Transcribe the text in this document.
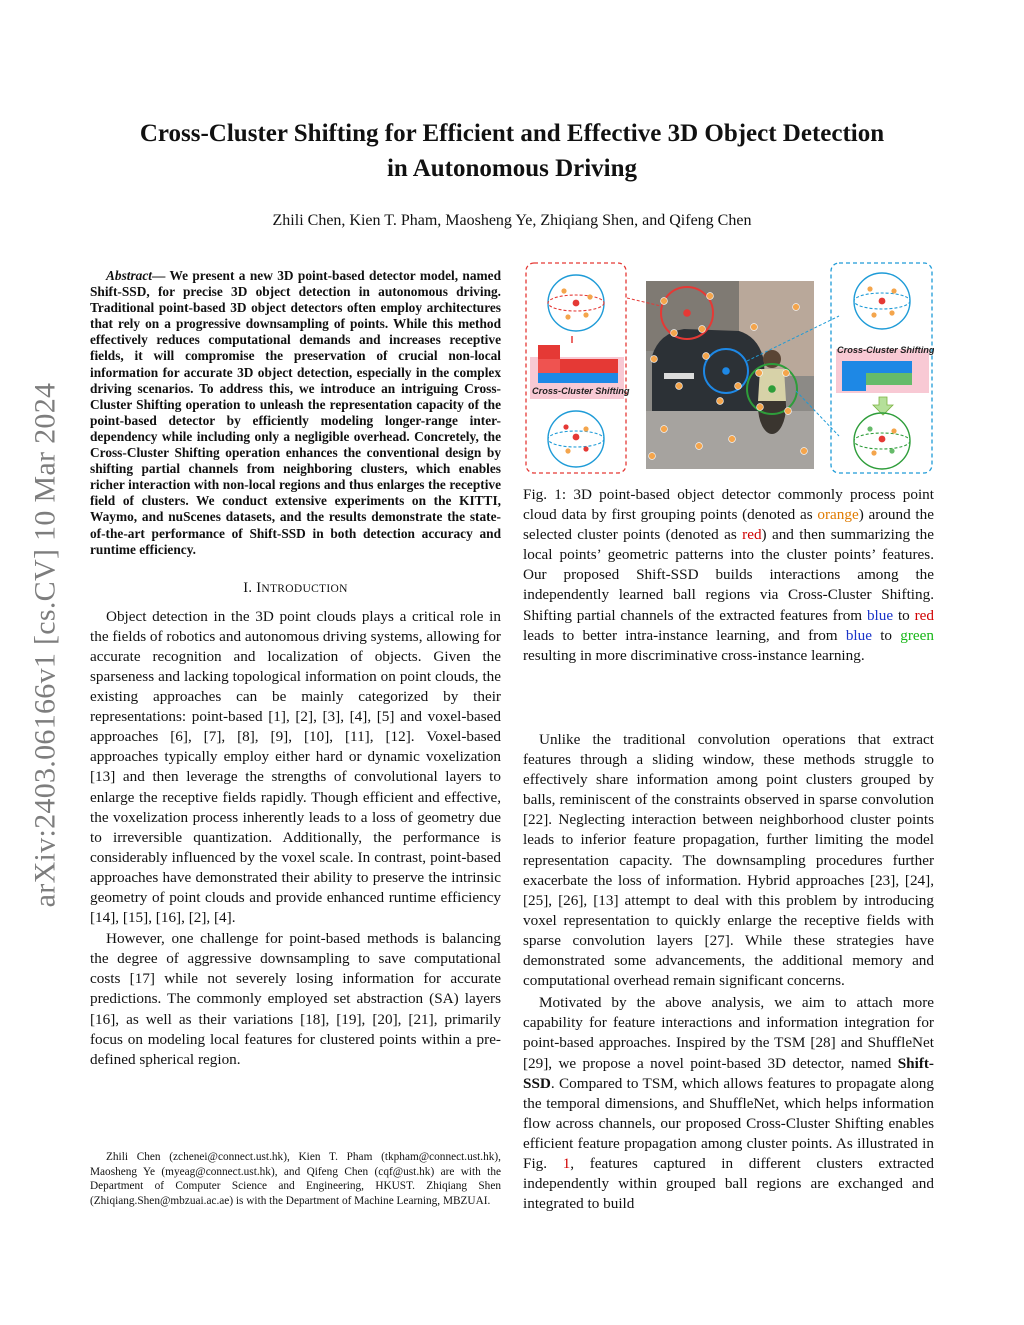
arXiv:2403.06166v1 [cs.CV] 10 Mar 2024
Cross-Cluster Shifting for Efficient and Effective 3D Object Detection
in Autonomous Driving
Zhili Chen, Kien T. Pham, Maosheng Ye, Zhiqiang Shen, and Qifeng Chen

Abstract— We present a new 3D point-based detector model, named Shift-SSD, for precise 3D object detection in autonomous driving. Traditional point-based 3D object detectors often employ architectures that rely on a progressive downsampling of points. While this method effectively reduces computational demands and increases receptive fields, it will compromise the preservation of crucial non-local information for accurate 3D object detection, especially in the complex driving scenarios. To address this, we introduce an intriguing Cross-Cluster Shifting operation to unleash the representation capacity of the point-based detector by efficiently modeling longer-range inter-dependency while including only a negligible overhead. Concretely, the Cross-Cluster Shifting operation enhances the conventional design by shifting partial channels from neighboring clusters, which enables richer interaction with non-local regions and thus enlarges the receptive field of clusters. We conduct extensive experiments on the KITTI, Waymo, and nuScenes datasets, and the results demonstrate the state-of-the-art performance of Shift-SSD in both detection accuracy and runtime efficiency.

I. INTRODUCTION

Object detection in the 3D point clouds plays a critical role in the fields of robotics and autonomous driving systems, allowing for accurate recognition and localization of objects. Given the sparseness and lacking topological information on point clouds, the existing approaches can be mainly categorized by their representations: point-based [1], [2], [3], [4], [5] and voxel-based approaches [6], [7], [8], [9], [10], [11], [12]. Voxel-based approaches typically employ either hard or dynamic voxelization [13] and then leverage the strengths of convolutional layers to enlarge the receptive fields rapidly. Though efficient and effective, the voxelization process inherently leads to a loss of geometry due to irreversible quantization. Additionally, the performance is considerably influenced by the voxel scale. In contrast, point-based approaches have demonstrated their ability to preserve the intrinsic geometry of point clouds and provide enhanced runtime efficiency [14], [15], [16], [2], [4].

However, one challenge for point-based methods is balancing the degree of aggressive downsampling to save computational costs [17] while not severely losing information for accurate predictions. The commonly employed set abstraction (SA) layers [16], as well as their variations [18], [19], [20], [21], primarily focus on modeling local features for clustered points within a pre-defined spherical region.

Zhili Chen (zchenei@connect.ust.hk), Kien T. Pham (tkpham@connect.ust.hk), Maosheng Ye (myeag@connect.ust.hk), and Qifeng Chen (cqf@ust.hk) are with the Department of Computer Science and Engineering, HKUST. Zhiqiang Shen (Zhiqiang.Shen@mbzuai.ac.ae) is with the Department of Machine Learning, MBZUAI.

Cross-Cluster Shifting
Cross-Cluster Shifting

Fig. 1: 3D point-based object detector commonly process point cloud data by first grouping points (denoted as orange) around the selected cluster points (denoted as red) and then summarizing the local points’ geometric patterns into the cluster points’ features. Our proposed Shift-SSD builds interactions among the independently learned ball regions via Cross-Cluster Shifting. Shifting partial channels of the extracted features from blue to red leads to better intra-instance learning, and from blue to green resulting in more discriminative cross-instance learning.

Unlike the traditional convolution operations that extract features through a sliding window, these methods struggle to effectively share information among point clusters grouped by balls, reminiscent of the constraints observed in sparse convolution [22]. Neglecting interaction between neighborhood cluster points leads to inferior feature propagation, further limiting the model representation capacity. The downsampling procedures further exacerbate the loss of information. Hybrid approaches [23], [24], [25], [26], [13] attempt to deal with this problem by introducing voxel representation to quickly enlarge the receptive fields with sparse convolution layers [27]. While these strategies have demonstrated some advancements, the additional memory and computational overhead remain significant concerns.

Motivated by the above analysis, we aim to attach more capability for feature interactions and information integration for point-based approaches. Inspired by the TSM [28] and ShuffleNet [29], we propose a novel point-based 3D detector, named Shift-SSD. Compared to TSM, which allows features to propagate along the temporal dimensions, and ShuffleNet, which helps information flow across channels, our proposed Cross-Cluster Shifting enables efficient feature propagation among cluster points. As illustrated in Fig. 1, features captured in different clusters extracted independently within grouped ball regions are exchanged and integrated to build
